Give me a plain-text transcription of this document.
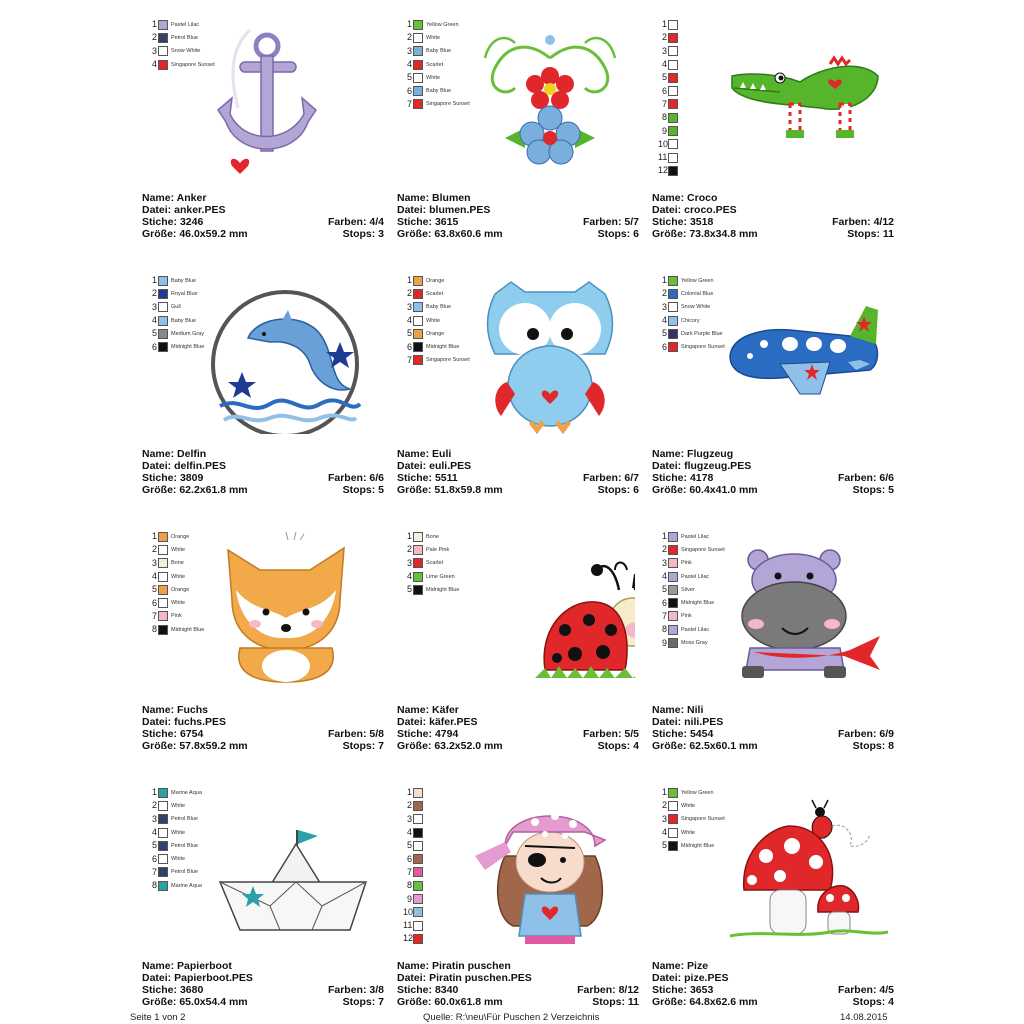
1	Pastel Lilac
2	Petrol Blue
3	Snow White
4	Singapore Sunset
Name: Anker
Datei: anker.PES
Stiche: 3246	Farben: 4/4
Größe: 46.0x59.2 mm	Stops: 3
1	Yellow Green
2	White
3	Baby Blue
4	Scarlet
5	White
6	Baby Blue
7	Singapore Sunset
Name: Blumen
Datei: blumen.PES
Stiche: 3615	Farben: 5/7
Größe: 63.8x60.6 mm	Stops: 6
1
2
3
4
5
6
7
8
9
10
11
12
Name: Croco
Datei: croco.PES
Stiche: 3518	Farben: 4/12
Größe: 73.8x34.8 mm	Stops: 11
1	Baby Blue
2	Royal Blue
3	Gull
4	Baby Blue
5	Medium Gray
6	Midnight Blue
Name: Delfin
Datei: delfin.PES
Stiche: 3809	Farben: 6/6
Größe: 62.2x61.8 mm	Stops: 5
1	Orange
2	Scarlet
3	Baby Blue
4	White
5	Orange
6	Midnight Blue
7	Singapore Sunset
Name: Euli
Datei: euli.PES
Stiche: 5511	Farben: 6/7
Größe: 51.8x59.8 mm	Stops: 6
1	Yellow Green
2	Colonial Blue
3	Snow White
4	Chicory
5	Dark Purple Blue
6	Singapore Sunset
Name: Flugzeug
Datei: flugzeug.PES
Stiche: 4178	Farben: 6/6
Größe: 60.4x41.0 mm	Stops: 5
1	Orange
2	White
3	Bone
4	White
5	Orange
6	White
7	Pink
8	Midnight Blue
Name: Fuchs
Datei: fuchs.PES
Stiche: 6754	Farben: 5/8
Größe: 57.8x59.2 mm	Stops: 7
1	Bone
2	Pale Pink
3	Scarlet
4	Lime Green
5	Midnight Blue
Name: Käfer
Datei: käfer.PES
Stiche: 4794	Farben: 5/5
Größe: 63.2x52.0 mm	Stops: 4
1	Pastel Lilac
2	Singapore Sunset
3	Pink
4	Pastel Lilac
5	Silver
6	Midnight Blue
7	Pink
8	Pastel Lilac
9	Moss Gray
Name: Nili
Datei: nili.PES
Stiche: 5454	Farben: 6/9
Größe: 62.5x60.1 mm	Stops: 8
1	Marine Aqua
2	White
3	Petrol Blue
4	White
5	Petrol Blue
6	White
7	Petrol Blue
8	Marine Aqua
Name: Papierboot
Datei: Papierboot.PES
Stiche: 3680	Farben: 3/8
Größe: 65.0x54.4 mm	Stops: 7
1
2
3
4
5
6
7
8
9
10
11
12
Name: Piratin puschen
Datei: Piratin puschen.PES
Stiche: 8340	Farben: 8/12
Größe: 60.0x61.8 mm	Stops: 11
1	Yellow Green
2	White
3	Singapore Sunset
4	White
5	Midnight Blue
Name: Pize
Datei: pize.PES
Stiche: 3653	Farben: 4/5
Größe: 64.8x62.6 mm	Stops: 4
Seite 1 von 2	Quelle: R:\neu\Für Puschen 2 Verzeichnis	14.08.2015
